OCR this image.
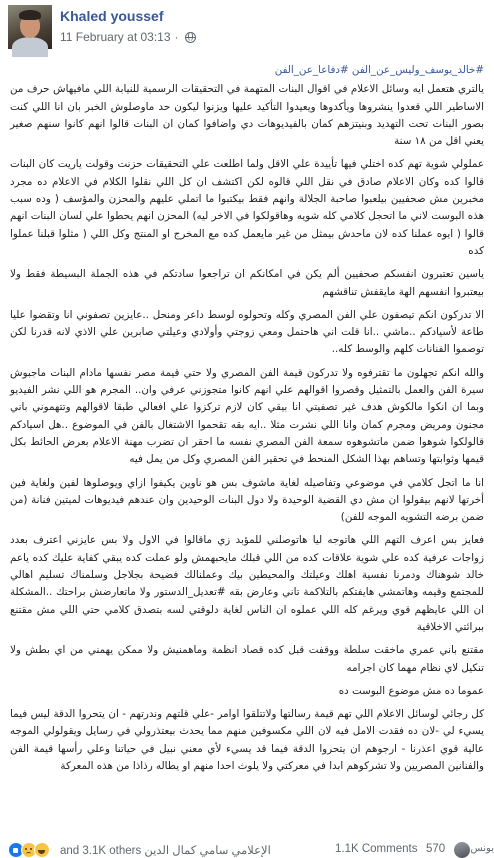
Khaled youssef
11 February at 03:13 ·

#خالد_يوسف_وليس_عن_الفن #دفاعا_عن_الفن

يالتري هتعمل ايه وسائل الاعلام في اقوال البنات المتهمة في التحقيقات الرسمية للنيابة اللي مافيهاش حرف من الاساطير اللي قعدوا ينشروها ويأكدوها ويعيدوا التأكيد عليها ويزنوا ليكون حد ماوصلوش الخبر بان انا اللي كنت بصور البنات تحت التهديد وبنيتزهم كمان بالفيديوهات دي واضافوا كمان ان البنات قالوا انهم كانوا سنهم صغير يعني اقل من ١٨ سنة

عملولي شوية تهم كده اختلي فيها تأييدة علي الاقل ولما اطلعت علي التحقيقات حزنت وقولت ياريت كان البنات قالوا كده وكان الاعلام صادق في نقل اللي قالوه لكن اكتشف ان كل اللي نقلوا الكلام في الاعلام ده مجرد مخبرين مش صحفيين بيلعبوا صاحبة الجلالة وانهم فقط بيكتبوا ما اتملي عليهم والمحزن والمؤسف ( وده سبب هذه البوست لاني ما اتحجل كلامي كله شويه وهاقولكوا في الاخر ليه) المحزن انهم يحطوا علي لسان البنات انهم قالوا ( ايوه عملنا كده لان ماحدش بيمثل من غير مايعمل كده مع المخرج او المنتج وكل اللي ( مثلوا قبلنا عملوا كده

ياسين تعتبرون انفسكم صحفيين ألم يكن في امكانكم ان تراجعوا سادتكم في هذه الجملة البسيطة فقط ولا بيعتبروا انفسهم الهة مايقفش تناقشهم

الا تدركون انكم تيصفون علي الفن المصري وكله وتحولوه لوسط داعر ومنحل ..عايزين تصفوني انا وتقضوا عليا طاعة لأسيادكم ..ماشي ..انا قلت اني هاحتمل ومعي زوجتي وأولادي وعيلتي صابرين علي الاذي لانه قدرنا لكن توصموا الفنانات كلهم والوسط كله..

والله انكم تجهلون ما تقترفوه ولا تدركون قيمة الفن المصري ولا حتي قيمة مصر نفسها مادام البنات ماجبوش سيرة الفن والعمل بالتمثيل وقصروا اقوالهم علي انهم كانوا متجوزني عرفي وان.. المجرم هو اللي نشر الفيديو وبما ان انكوا مالكوش هدف غير تصفيتي انا بيقي كان لازم تركزوا علي افعالي طبقا لاقوالهم وتتهموني باني مجنون ومريض ومجرم كمان وانا اللي نشرت مثلا ..ايه بقه تقحموا الاشتغال بالفن في الموضوع ..هل اسيادكم قالولكوا شوهوا ضمن ماتشوهوه سمعة الفن المصري نفسه ما احقر ان تضرب مهنة الاعلام بعرض الحائط بكل قيمها وثوابتها وتساهم بهذا الشكل المنحط في تحقير الفن المصري وكل من يمل فيه

انا ما اتجل كلامي في موضوعي وتفاصيله لغاية ماشوف بس هو ناوين يكيفوا ازاي ويوصلوها لفين ولغاية فين أخرتها لانهم بيقولوا ان مش دي القضية الوحيدة ولا دول البنات الوحيدين وان عندهم فيديوهات لميتين فنانة (من ضمن برضه التشويه الموجه للفن)

فعايز بس اعرف التهم اللي هاتوجه ليا هاتوصلني للمؤبد زي ماقالوا في الاول ولا بس عايزني اعترف بعدد زواجات عرفية كده علي شوية علاقات كده من اللي قبلك مايحبهمش ولو عملت كده يبقي كفاية عليك كده ياعم خالد شوهناك ودمرنا نفسية اهلك وعيلتك والمحيطين بيك وعملنالك فضيحة بجلاجل وسلمناك تسليم اهالي للمجتمع وقيمه وهاتمشي هايفتكم بالتلاكمة تاني وعارض بقه #تعديل_الدستور ولا ماتعارضش براحتك ..المشكلة ان اللي عايظهم قوي ويرغم كله اللي عملوه ان الناس لغاية دلوقتي لسه بتصدق كلامي حتي اللي مش مقتنع ببرائتي الاخلاقية

مقتنع باني عمري ماخقت سلطة ووقفت قبل كده قصاد انظمة وماهمنيش ولا ممكن يهمني من اي بطش ولا تنكيل لاي نظام مهما كان اجرامه

عموما ده مش موضوع البوست ده

كل رجائي لوسائل الاعلام اللي تهم قيمة رسالتها ولاتتلقوا اوامر -علي قلتهم وندرتهم - ان يتحروا الدقة ليس فيما يسيء لي -لان ده فقدت الامل فيه لان اللي مكسوفين منهم مما يحدث بيعتذرولي في رسايل ويقولولي الموجه عالية قوي اعذرنا - ارجوهم ان يتحروا الدقة فيما قد يسيء لأي معني نبيل في حياتنا وعلي رأسها قيمة الفن والفنانين المصريين ولا تشركوهم ابدا في معركتي ولا يلوث احدا منهم او يطاله رذاذا من هذه المعركة

الإعلامي سامي كمال الدين and 3.1K others	1.1K Comments 570	يونس
